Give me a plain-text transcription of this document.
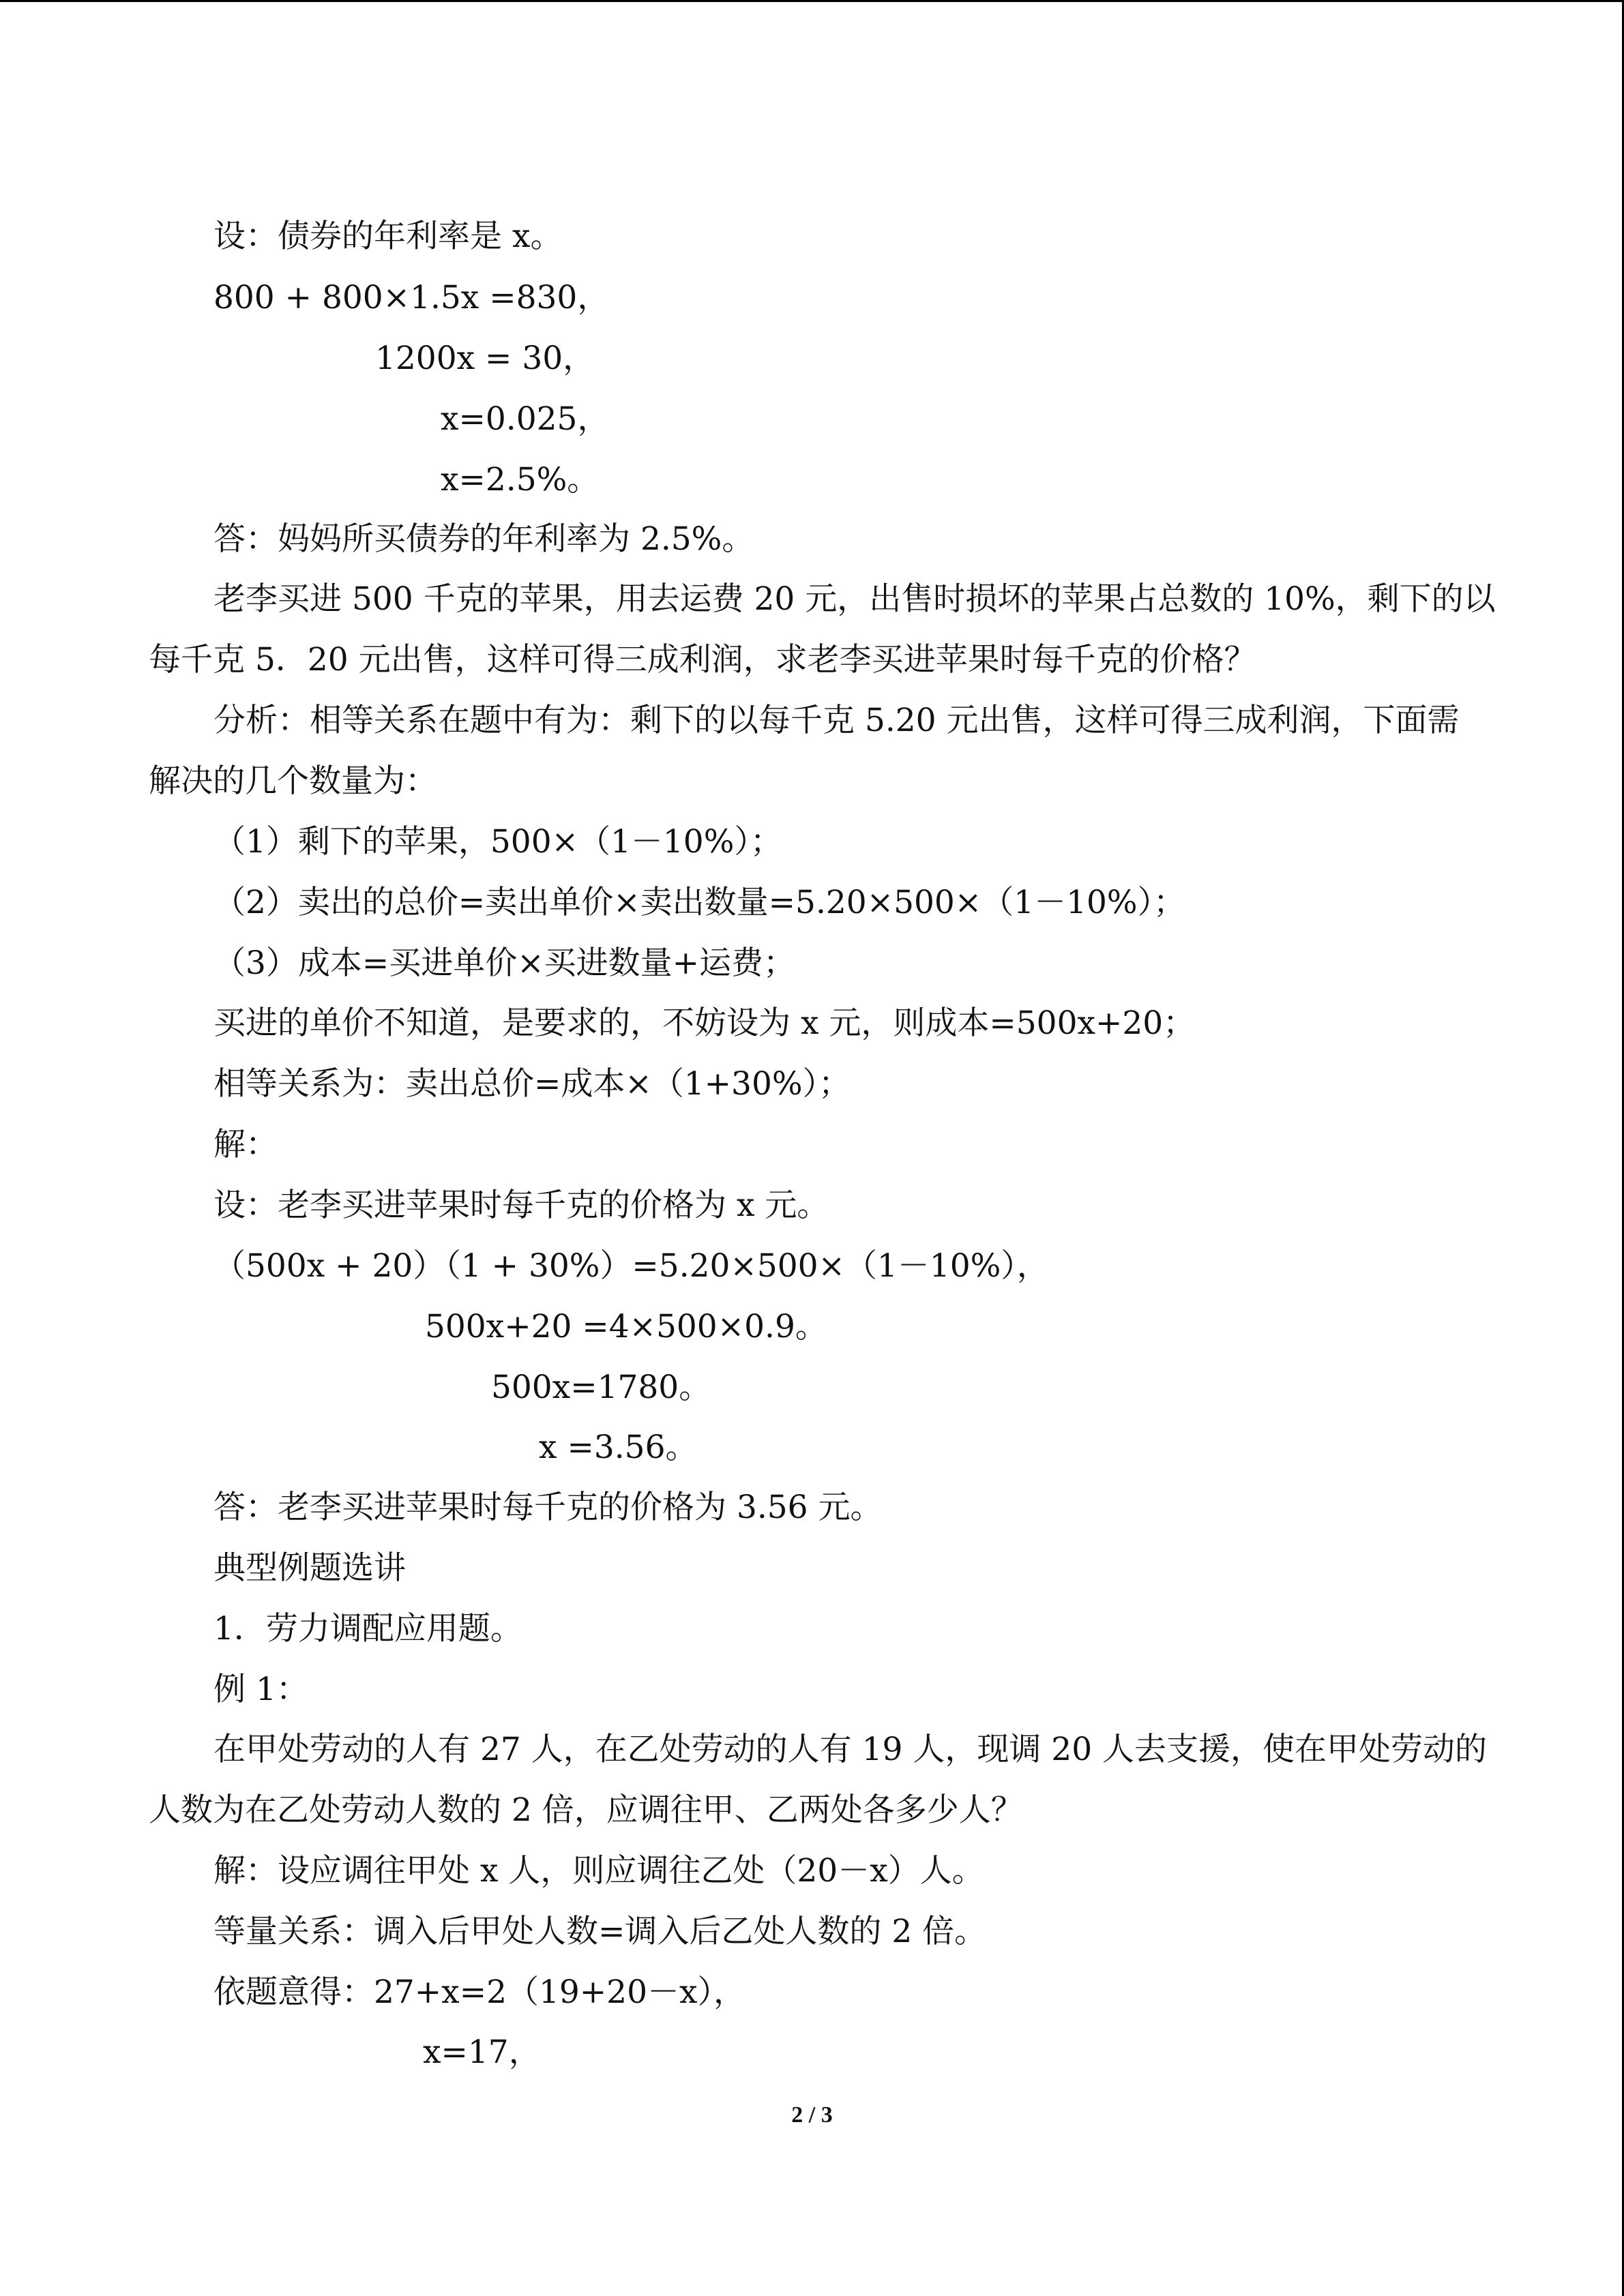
设：债券的年利率是 x。
800 + 800×1.5x =830，
1200x = 30，
x=0.025，
x=2.5%。
答：妈妈所买债券的年利率为 2.5%。
老李买进 500 千克的苹果，用去运费 20 元，出售时损坏的苹果占总数的 10%，剩下的以
每千克 5．20 元出售，这样可得三成利润，求老李买进苹果时每千克的价格？
分析：相等关系在题中有为：剩下的以每千克 5.20 元出售，这样可得三成利润，下面需
解决的几个数量为：
（1）剩下的苹果，500×（1－10%）；
（2）卖出的总价=卖出单价×卖出数量=5.20×500×（1－10%）；
（3）成本=买进单价×买进数量+运费；
买进的单价不知道，是要求的，不妨设为 x 元，则成本=500x+20；
相等关系为：卖出总价=成本×（1+30%）；
解：
设：老李买进苹果时每千克的价格为 x 元。
（500x + 20）（1 + 30%）=5.20×500×（1－10%），
500x+20 =4×500×0.9。
500x=1780。
x =3.56。
答：老李买进苹果时每千克的价格为 3.56 元。
典型例题选讲
1．劳力调配应用题。
例 1：
在甲处劳动的人有 27 人，在乙处劳动的人有 19 人，现调 20 人去支援，使在甲处劳动的
人数为在乙处劳动人数的 2 倍，应调往甲、乙两处各多少人？
解：设应调往甲处 x 人，则应调往乙处（20－x）人。
等量关系：调入后甲处人数=调入后乙处人数的 2 倍。
依题意得：27+x=2（19+20－x），
x=17，
2 / 3
